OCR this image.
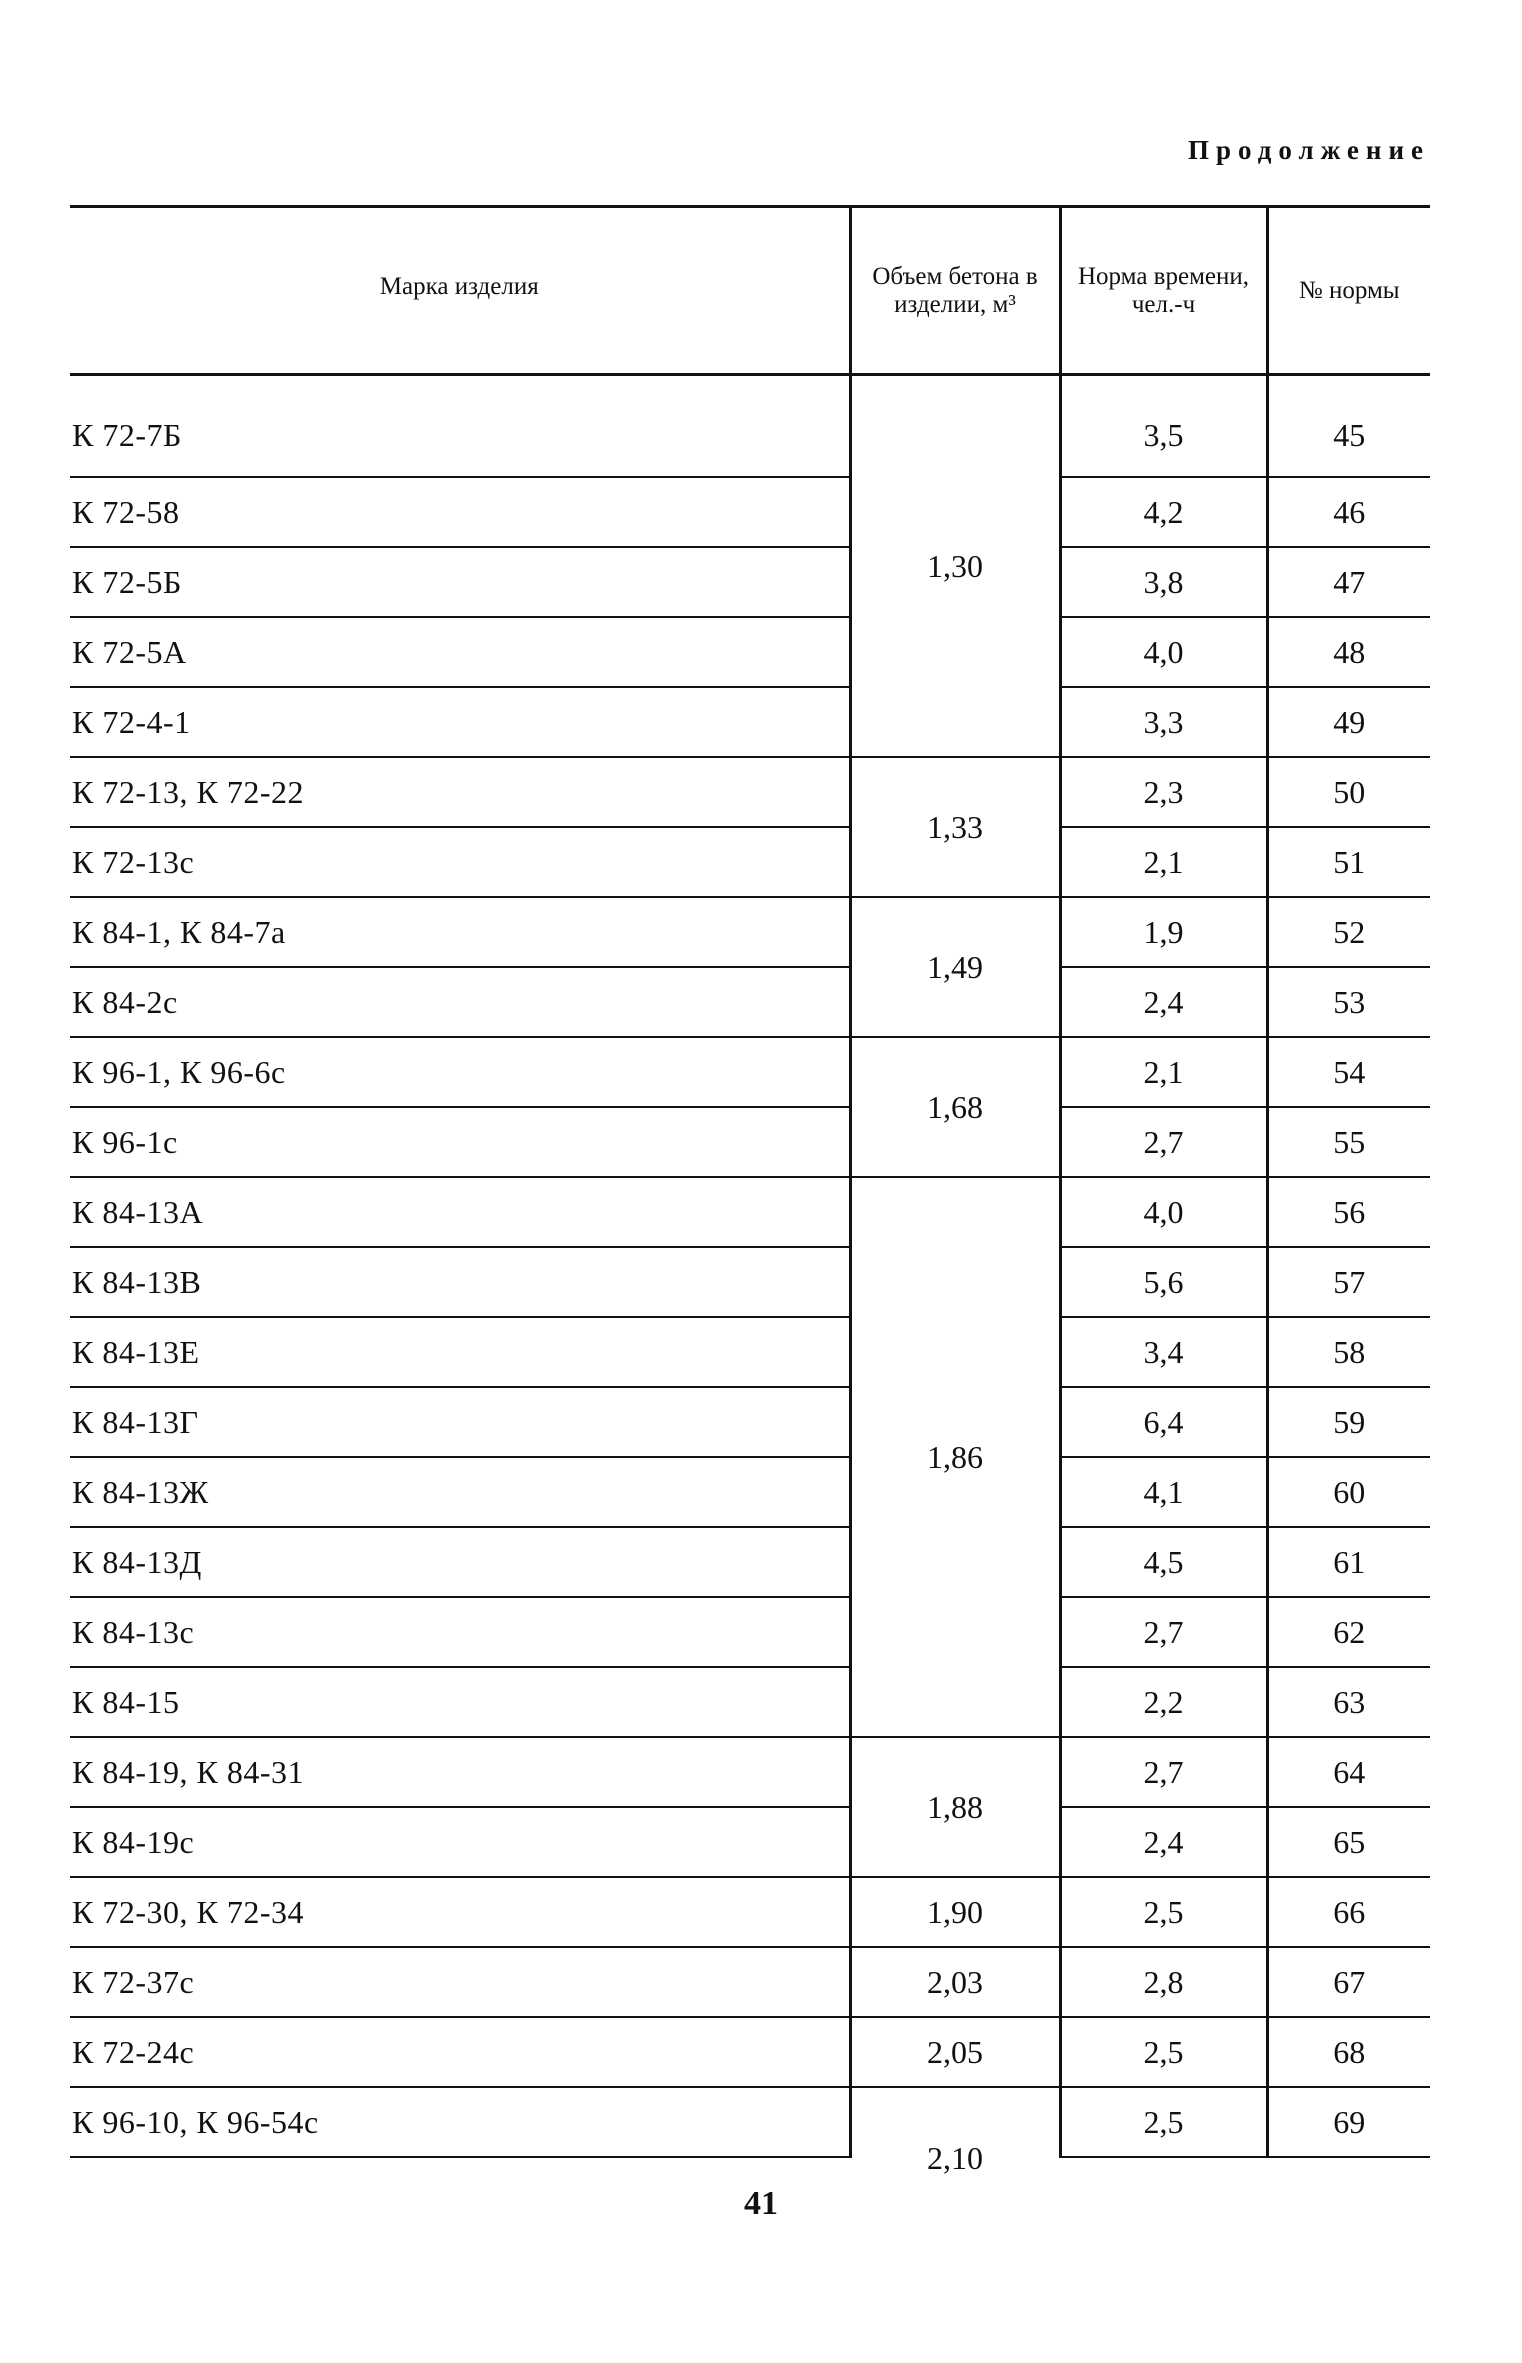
Продолжение
Марка изделия	Объем бетона в изделии, м³	Норма времени, чел.-ч	№ нормы
К 72-7Б	1,30	3,5	45
К 72-58		4,2	46
К 72-5Б		3,8	47
К 72-5А		4,0	48
К 72-4-1		3,3	49
К 72-13, К 72-22	1,33	2,3	50
К 72-13с		2,1	51
К 84-1, К 84-7а	1,49	1,9	52
К 84-2с		2,4	53
К 96-1, К 96-6с	1,68	2,1	54
К 96-1с		2,7	55
К 84-13А	1,86	4,0	56
К 84-13В		5,6	57
К 84-13Е		3,4	58
К 84-13Г		6,4	59
К 84-13Ж		4,1	60
К 84-13Д		4,5	61
К 84-13с		2,7	62
К 84-15		2,2	63
К 84-19, К 84-31	1,88	2,7	64
К 84-19с		2,4	65
К 72-30, К 72-34	1,90	2,5	66
К 72-37с	2,03	2,8	67
К 72-24с	2,05	2,5	68
К 96-10, К 96-54с	2,10	2,5	69
41
